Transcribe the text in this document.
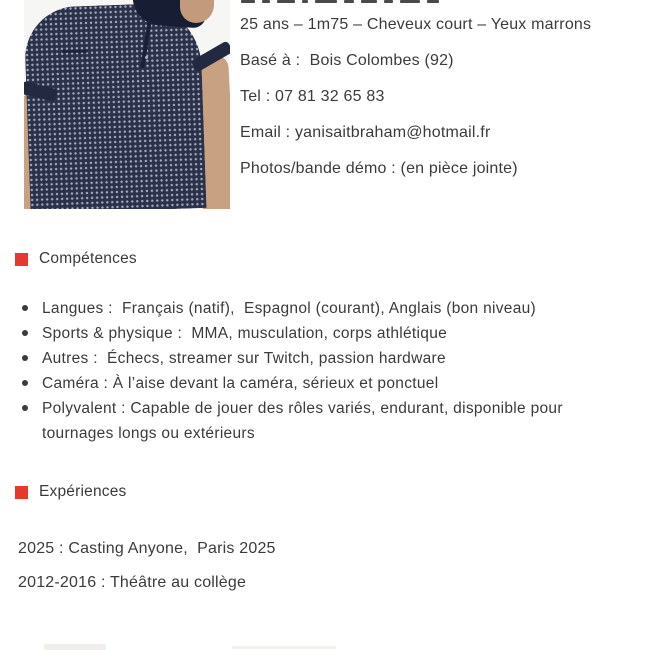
25 ans – 1m75 – Cheveux court – Yeux marrons
Basé à :  Bois Colombes (92)
Tel : 07 81 32 65 83
Email : yanisaitbraham@hotmail.fr
Photos/bande démo : (en pièce jointe)
Compétences
Langues :  Français (natif),  Espagnol (courant), Anglais (bon niveau)
Sports & physique :  MMA, musculation, corps athlétique
Autres :  Échecs, streamer sur Twitch, passion hardware
Caméra : À l’aise devant la caméra, sérieux et ponctuel
Polyvalent : Capable de jouer des rôles variés, endurant, disponible pour tournages longs ou extérieurs
Expériences
2025 : Casting Anyone,  Paris 2025
2012-2016 : Théâtre au collège
